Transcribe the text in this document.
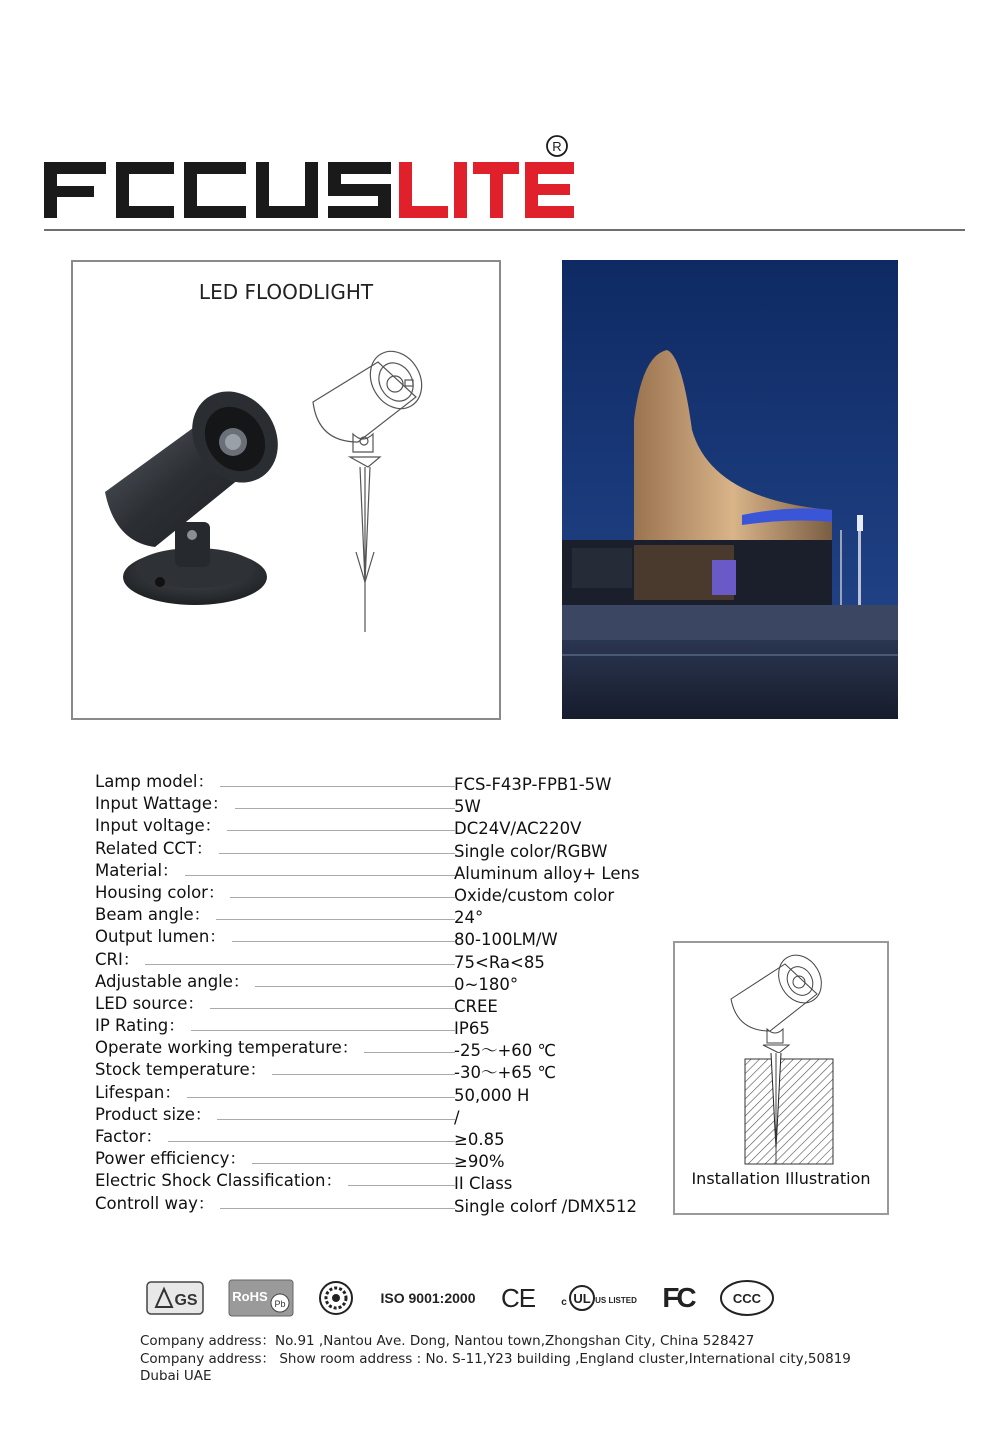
R
LED FLOODLIGHT
Lamp model：	FCS-F43P-FPB1-5W
Input Wattage：	5W
Input voltage：	DC24V/AC220V
Related CCT：	Single color/RGBW
Material：	Aluminum alloy+ Lens
Housing color：	Oxide/custom color
Beam angle：	24°
Output lumen：	80-100LM/W
CRI：	75<Ra<85
Adjustable angle：	0~180°
LED source：	CREE
IP Rating：	IP65
Operate working temperature：	-25～+60 ℃
Stock temperature：	-30～+65 ℃
Lifespan：	50,000 H
Product size：	/
Factor：	≥0.85
Power efficiency：	≥90%
Electric Shock Classification：	II Class
Controll way：	Single colorf /DMX512
Installation Illustration
GS	RoHS Pb	ISO 9001:2000 CE	c UL US LISTED FC	CCC
Company address：No.91 ,Nantou Ave. Dong, Nantou town,Zhongshan City, China 528427
Company address： Show room address : No. S-11,Y23 building ,England cluster,International city,50819 Dubai UAE
